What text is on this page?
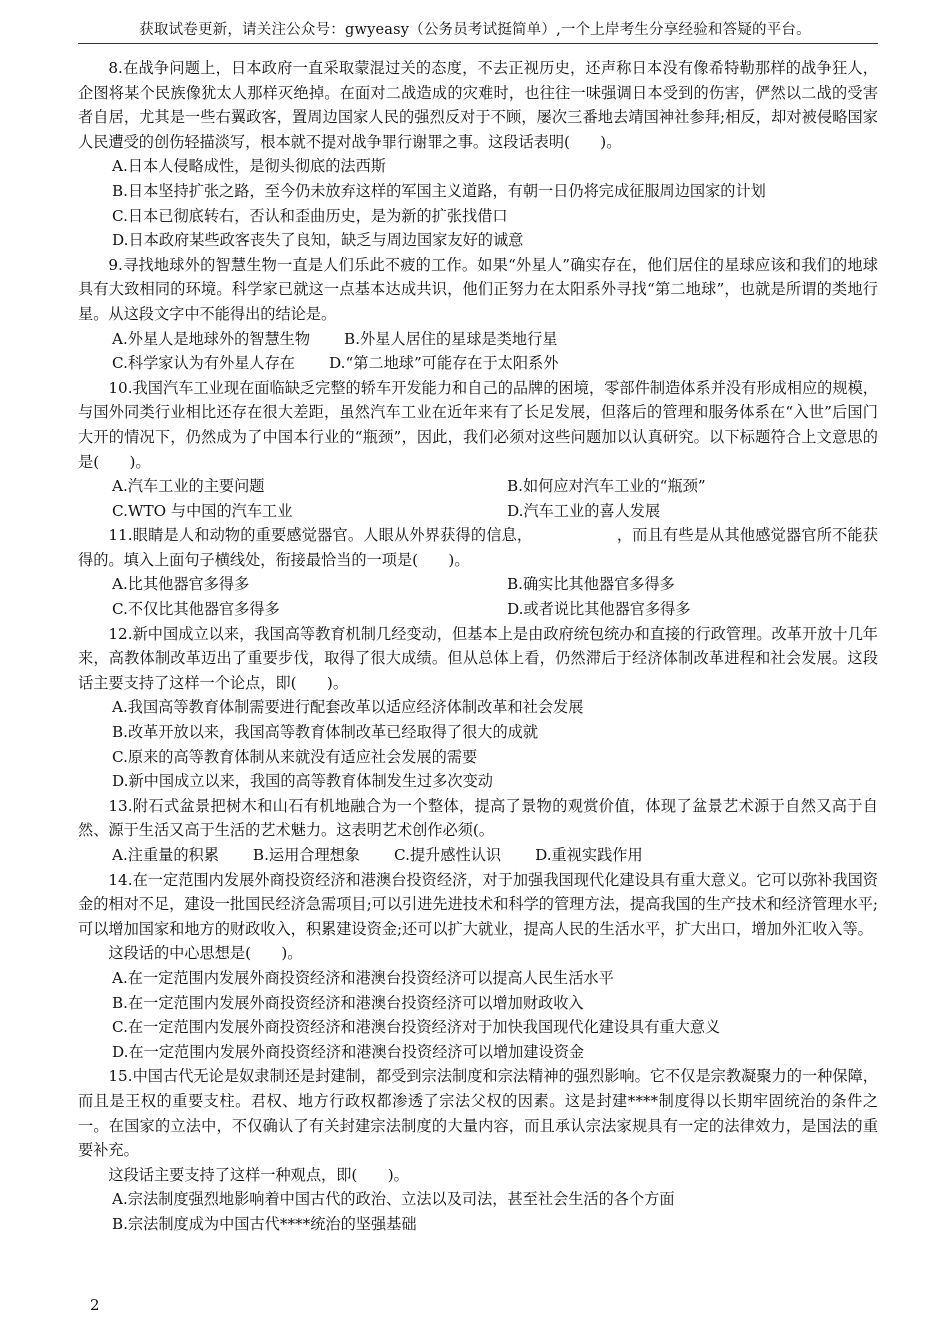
获取试卷更新，请关注公众号：gwyeasy（公务员考试挺简单）,一个上岸考生分享经验和答疑的平台。
8.在战争问题上，日本政府一直采取蒙混过关的态度，不去正视历史，还声称日本没有像希特勒那样的战争狂人，企图将某个民族像犹太人那样灭绝掉。在面对二战造成的灾难时，也往往一味强调日本受到的伤害，俨然以二战的受害者自居，尤其是一些右翼政客，置周边国家人民的强烈反对于不顾，屡次三番地去靖国神社参拜;相反，却对被侵略国家人民遭受的创伤轻描淡写，根本就不提对战争罪行谢罪之事。这段话表明(　　)。
A.日本人侵略成性，是彻头彻底的法西斯
B.日本坚持扩张之路，至今仍未放弃这样的军国主义道路，有朝一日仍将完成征服周边国家的计划
C.日本已彻底转右，否认和歪曲历史，是为新的扩张找借口
D.日本政府某些政客丧失了良知，缺乏与周边国家友好的诚意
9.寻找地球外的智慧生物一直是人们乐此不疲的工作。如果“外星人”确实存在，他们居住的星球应该和我们的地球具有大致相同的环境。科学家已就这一点基本达成共识，他们正努力在太阳系外寻找“第二地球”，也就是所谓的类地行星。从这段文字中不能得出的结论是。
A.外星人是地球外的智慧生物 B.外星人居住的星球是类地行星
C.科学家认为有外星人存在 D.“第二地球”可能存在于太阳系外
10.我国汽车工业现在面临缺乏完整的轿车开发能力和自己的品牌的困境，零部件制造体系并没有形成相应的规模，与国外同类行业相比还存在很大差距，虽然汽车工业在近年来有了长足发展，但落后的管理和服务体系在“入世”后国门大开的情况下，仍然成为了中国本行业的“瓶颈”，因此，我们必须对这些问题加以认真研究。以下标题符合上文意思的是(　　)。
A.汽车工业的主要问题	B.如何应对汽车工业的“瓶颈”
C.WTO 与中国的汽车工业	D.汽车工业的喜人发展
11.眼睛是人和动物的重要感觉器官。人眼从外界获得的信息，　　　　　　，而且有些是从其他感觉器官所不能获得的。填入上面句子横线处，衔接最恰当的一项是(　　)。
A.比其他器官多得多	B.确实比其他器官多得多
C.不仅比其他器官多得多	D.或者说比其他器官多得多
12.新中国成立以来，我国高等教育机制几经变动，但基本上是由政府统包统办和直接的行政管理。改革开放十几年来，高教体制改革迈出了重要步伐，取得了很大成绩。但从总体上看，仍然滞后于经济体制改革进程和社会发展。这段话主要支持了这样一个论点，即(　　)。
A.我国高等教育体制需要进行配套改革以适应经济体制改革和社会发展
B.改革开放以来，我国高等教育体制改革已经取得了很大的成就
C.原来的高等教育体制从来就没有适应社会发展的需要
D.新中国成立以来，我国的高等教育体制发生过多次变动
13.附石式盆景把树木和山石有机地融合为一个整体，提高了景物的观赏价值，体现了盆景艺术源于自然又高于自然、源于生活又高于生活的艺术魅力。这表明艺术创作必须(。
A.注重量的积累 B.运用合理想象 C.提升感性认识 D.重视实践作用
14.在一定范围内发展外商投资经济和港澳台投资经济，对于加强我国现代化建设具有重大意义。它可以弥补我国资金的相对不足，建设一批国民经济急需项目;可以引进先进技术和科学的管理方法，提高我国的生产技术和经济管理水平;可以增加国家和地方的财政收入，积累建设资金;还可以扩大就业，提高人民的生活水平，扩大出口，增加外汇收入等。
这段话的中心思想是(　　)。
A.在一定范围内发展外商投资经济和港澳台投资经济可以提高人民生活水平
B.在一定范围内发展外商投资经济和港澳台投资经济可以增加财政收入
C.在一定范围内发展外商投资经济和港澳台投资经济对于加快我国现代化建设具有重大意义
D.在一定范围内发展外商投资经济和港澳台投资经济可以增加建设资金
15.中国古代无论是奴隶制还是封建制，都受到宗法制度和宗法精神的强烈影响。它不仅是宗教凝聚力的一种保障，而且是王权的重要支柱。君权、地方行政权都渗透了宗法父权的因素。这是封建****制度得以长期牢固统治的条件之一。在国家的立法中，不仅确认了有关封建宗法制度的大量内容，而且承认宗法家规具有一定的法律效力，是国法的重要补充。
这段话主要支持了这样一种观点，即(　　)。
A.宗法制度强烈地影响着中国古代的政治、立法以及司法，甚至社会生活的各个方面
B.宗法制度成为中国古代****统治的坚强基础
2
